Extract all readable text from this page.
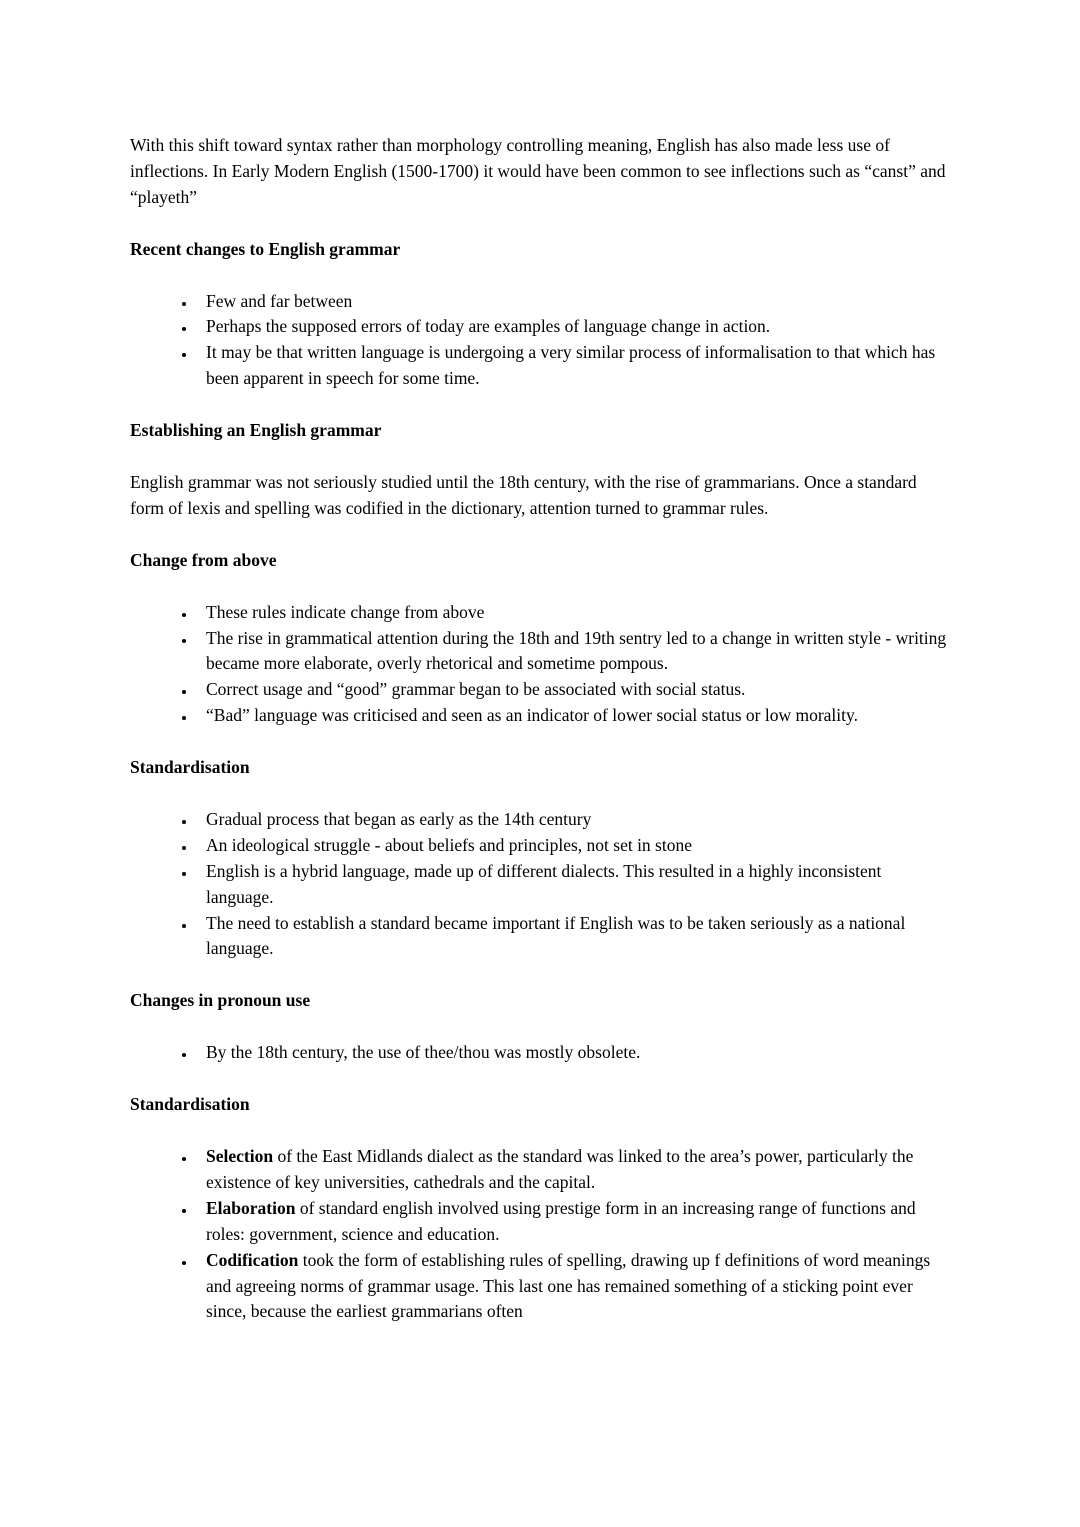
With this shift toward syntax rather than morphology controlling meaning, English has also made less use of inflections. In Early Modern English (1500-1700) it would have been common to see inflections such as “canst” and “playeth”

Recent changes to English grammar
• Few and far between
• Perhaps the supposed errors of today are examples of language change in action.
• It may be that written language is undergoing a very similar process of informalisation to that which has been apparent in speech for some time.
Establishing an English grammar

English grammar was not seriously studied until the 18th century, with the rise of grammarians. Once a standard form of lexis and spelling was codified in the dictionary, attention turned to grammar rules.

Change from above
• These rules indicate change from above
• The rise in grammatical attention during the 18th and 19th sentry led to a change in written style - writing became more elaborate, overly rhetorical and sometime pompous.
• Correct usage and “good” grammar began to be associated with social status.
• “Bad” language was criticised and seen as an indicator of lower social status or low morality.
Standardisation
• Gradual process that began as early as the 14th century
• An ideological struggle - about beliefs and principles, not set in stone
• English is a hybrid language, made up of different dialects. This resulted in a highly inconsistent language.
• The need to establish a standard became important if English was to be taken seriously as a national language.
Changes in pronoun use
• By the 18th century, the use of thee/thou was mostly obsolete.
Standardisation
• Selection of the East Midlands dialect as the standard was linked to the area’s power, particularly the existence of key universities, cathedrals and the capital.
• Elaboration of standard english involved using prestige form in an increasing range of functions and roles: government, science and education.
• Codification took the form of establishing rules of spelling, drawing up f definitions of word meanings and agreeing norms of grammar usage. This last one has remained something of a sticking point ever since, because the earliest grammarians often
